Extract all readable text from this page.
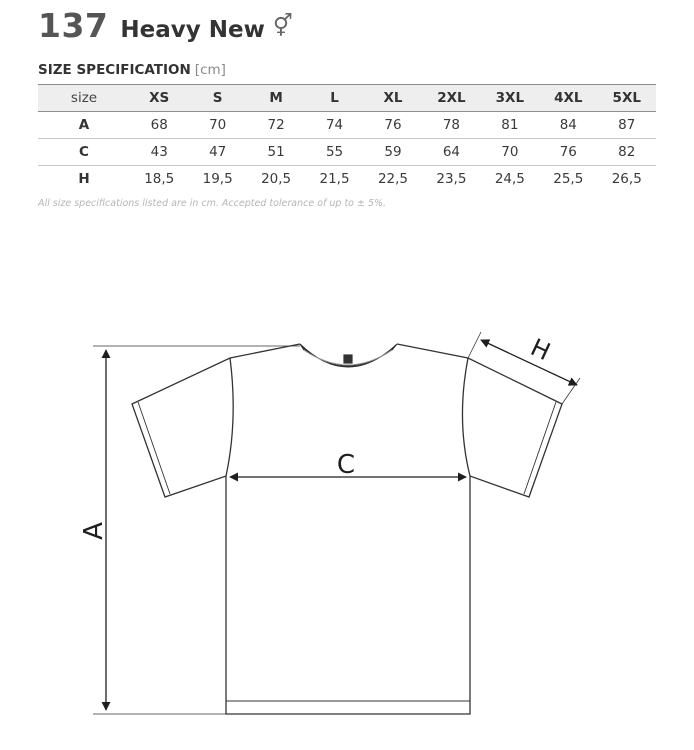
137 Heavy New ⚥
SIZE SPECIFICATION [cm]
size	XS	S	M	L	XL	2XL	3XL	4XL	5XL
A	68	70	72	74	76	78	81	84	87
C	43	47	51	55	59	64	70	76	82
H	18,5	19,5	20,5	21,5	22,5	23,5	24,5	25,5	26,5
All size specifications listed are in cm. Accepted tolerance of up to ± 5%.
A
C
H
